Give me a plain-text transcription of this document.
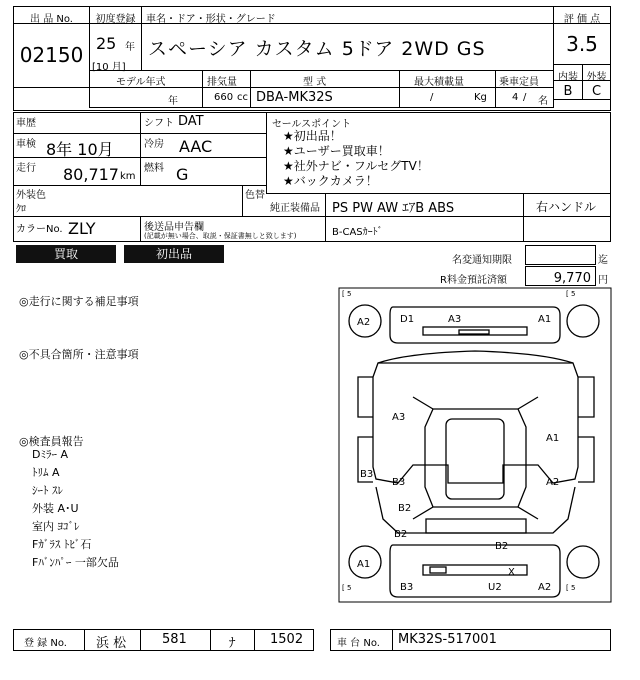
出 品 No.
02150
初度登録
25 年
[10 月]
車名・ドア・形状・グレード
スペーシア カスタム 5ドア 2WD GS
評 価 点
3.5
内装 外装
B	C
モデル年式	排気量	型 式	最大積載量	乗車定員
年	660 cc DBA-MK32S	/	Kg	4 / 名
車歴
車検 8年 10月
走行 80,717 km
シフト DAT
冷房 AAC
燃料 G
セールスポイント
★初出品！
★ユーザー買取車！
★社外ナビ・フルセグTV！
★バックカメラ！
外装色
ｸﾛ
色替
カラーNo. ZLY	後送品申告欄
(記載が無い場合、取説・保証書無しと致します)
純正装備品 PS PW AW ｴｱB ABS
B-CASｶｰﾄﾞ
右ハンドル
買取	初出品	名変通知期限	迄
R料金預託済額	9,770 円
◎走行に関する補足事項
◎不具合箇所・注意事項
◎検査員報告
Dﾐﾗｰ A
ﾄﾘﾑ A
ｼｰﾄ ｽﾚ
外装 A･U
室内 ﾖｺﾞﾚ
Fｶﾞﾗｽ ﾄﾋﾞ石
Fﾊﾞﾝﾊﾟｰ 一部欠品
[ 5	[ 5
[ 5	[ 5
A2	D1	A3	A1
A3
A1
A2
B3
B3
B2
B2
B2
A1
X
B3	U2	A2
登 録 No. 浜 松	581	ﾅ	1502	車 台 No. MK32S-517001
